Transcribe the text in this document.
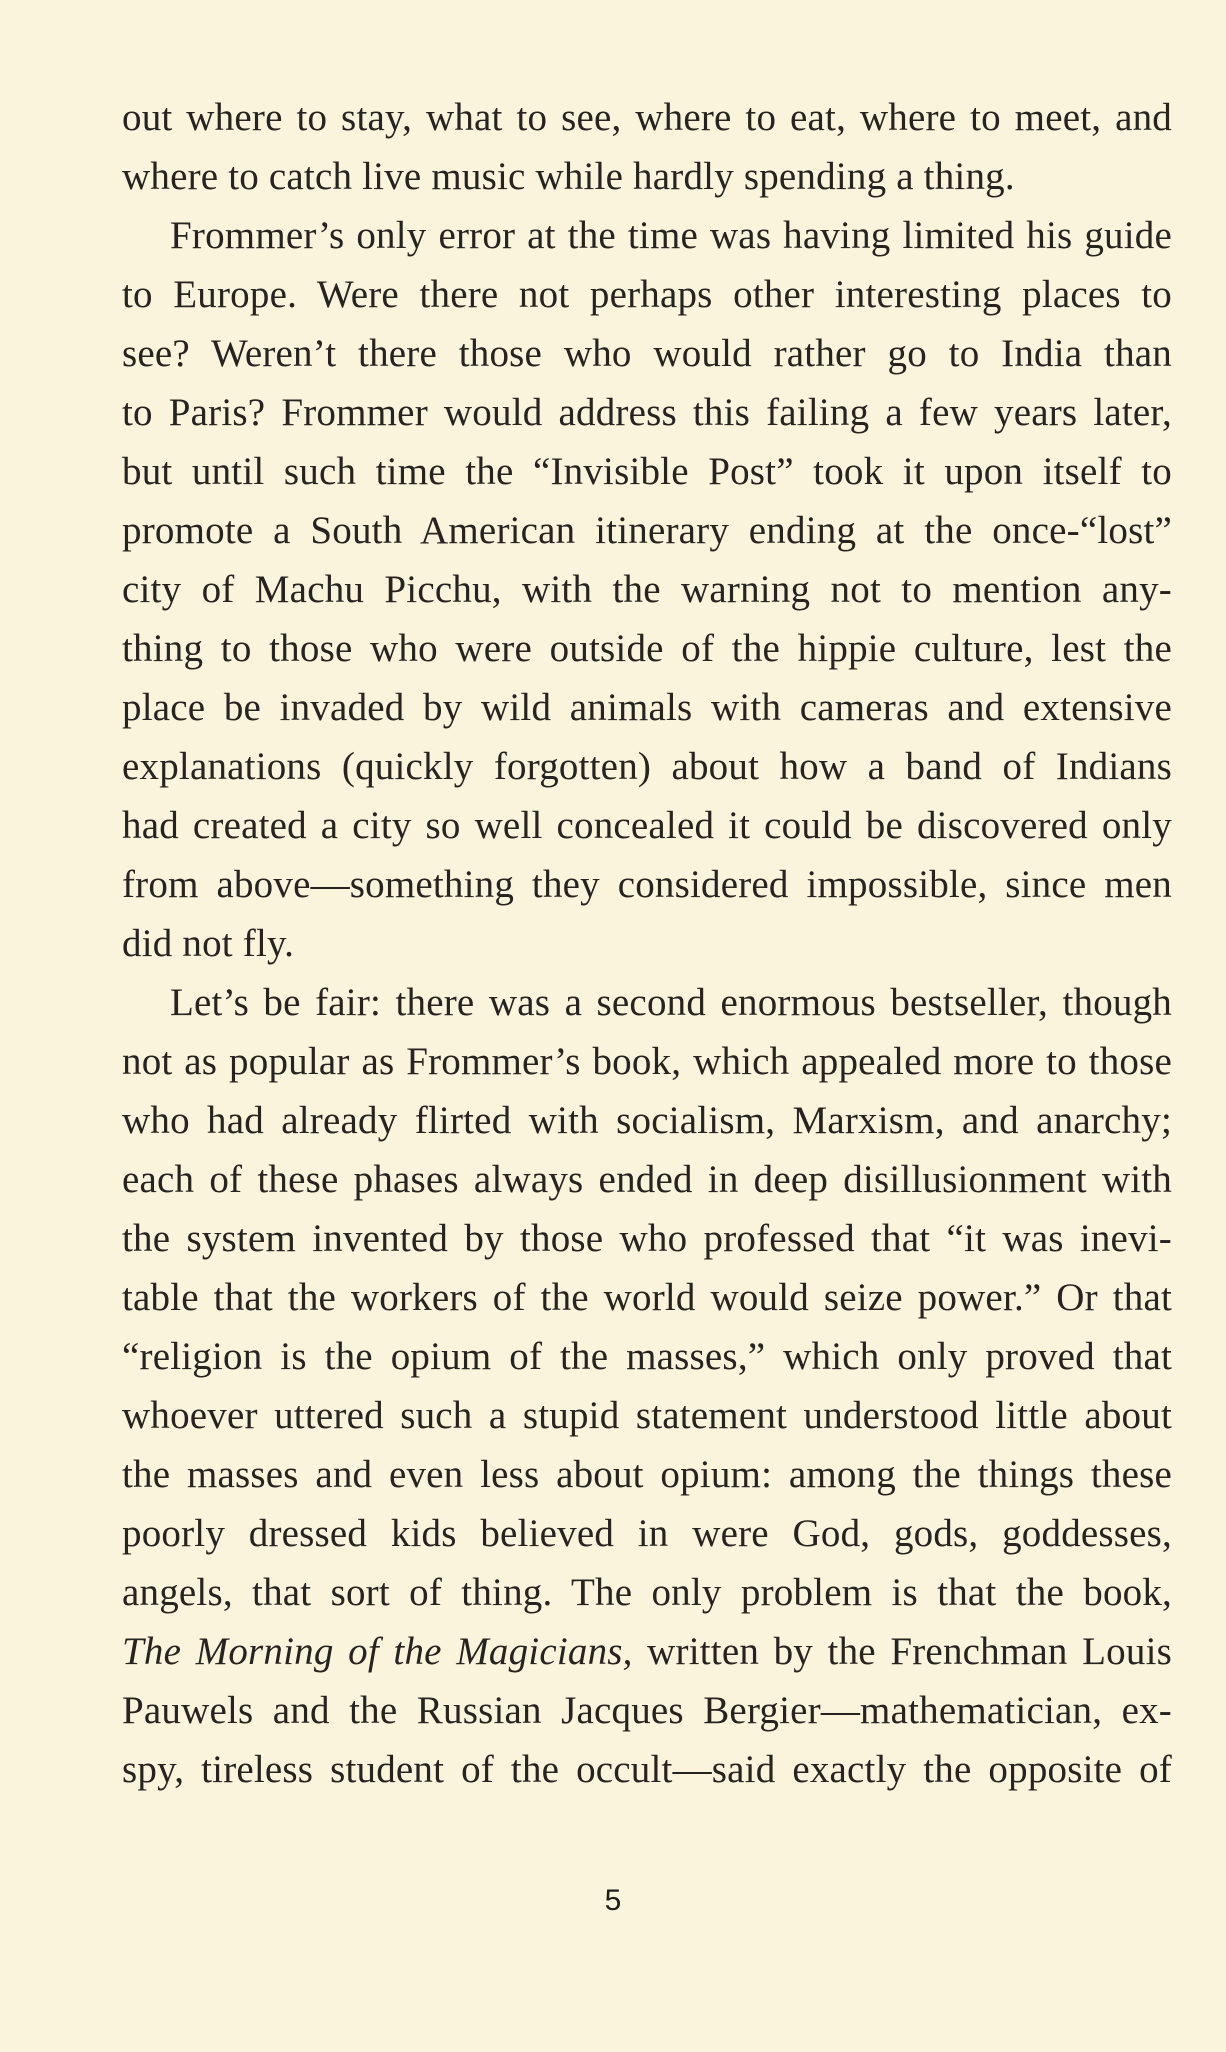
out where to stay, what to see, where to eat, where to meet, and
where to catch live music while hardly spending a thing.
Frommer’s only error at the time was having limited his guide
to Europe. Were there not perhaps other interesting places to
see? Weren’t there those who would rather go to India than
to Paris? Frommer would address this failing a few years later,
but until such time the “Invisible Post” took it upon itself to
promote a South American itinerary ending at the once-“lost”
city of Machu Picchu, with the warning not to mention any-
thing to those who were outside of the hippie culture, lest the
place be invaded by wild animals with cameras and extensive
explanations (quickly forgotten) about how a band of Indians
had created a city so well concealed it could be discovered only
from above—something they considered impossible, since men
did not fly.
Let’s be fair: there was a second enormous bestseller, though
not as popular as Frommer’s book, which appealed more to those
who had already flirted with socialism, Marxism, and anarchy;
each of these phases always ended in deep disillusionment with
the system invented by those who professed that “it was inevi-
table that the workers of the world would seize power.” Or that
“religion is the opium of the masses,” which only proved that
whoever uttered such a stupid statement understood little about
the masses and even less about opium: among the things these
poorly dressed kids believed in were God, gods, goddesses,
angels, that sort of thing. The only problem is that the book,
The Morning of the Magicians, written by the Frenchman Louis
Pauwels and the Russian Jacques Bergier—mathematician, ex-
spy, tireless student of the occult—said exactly the opposite of
5
